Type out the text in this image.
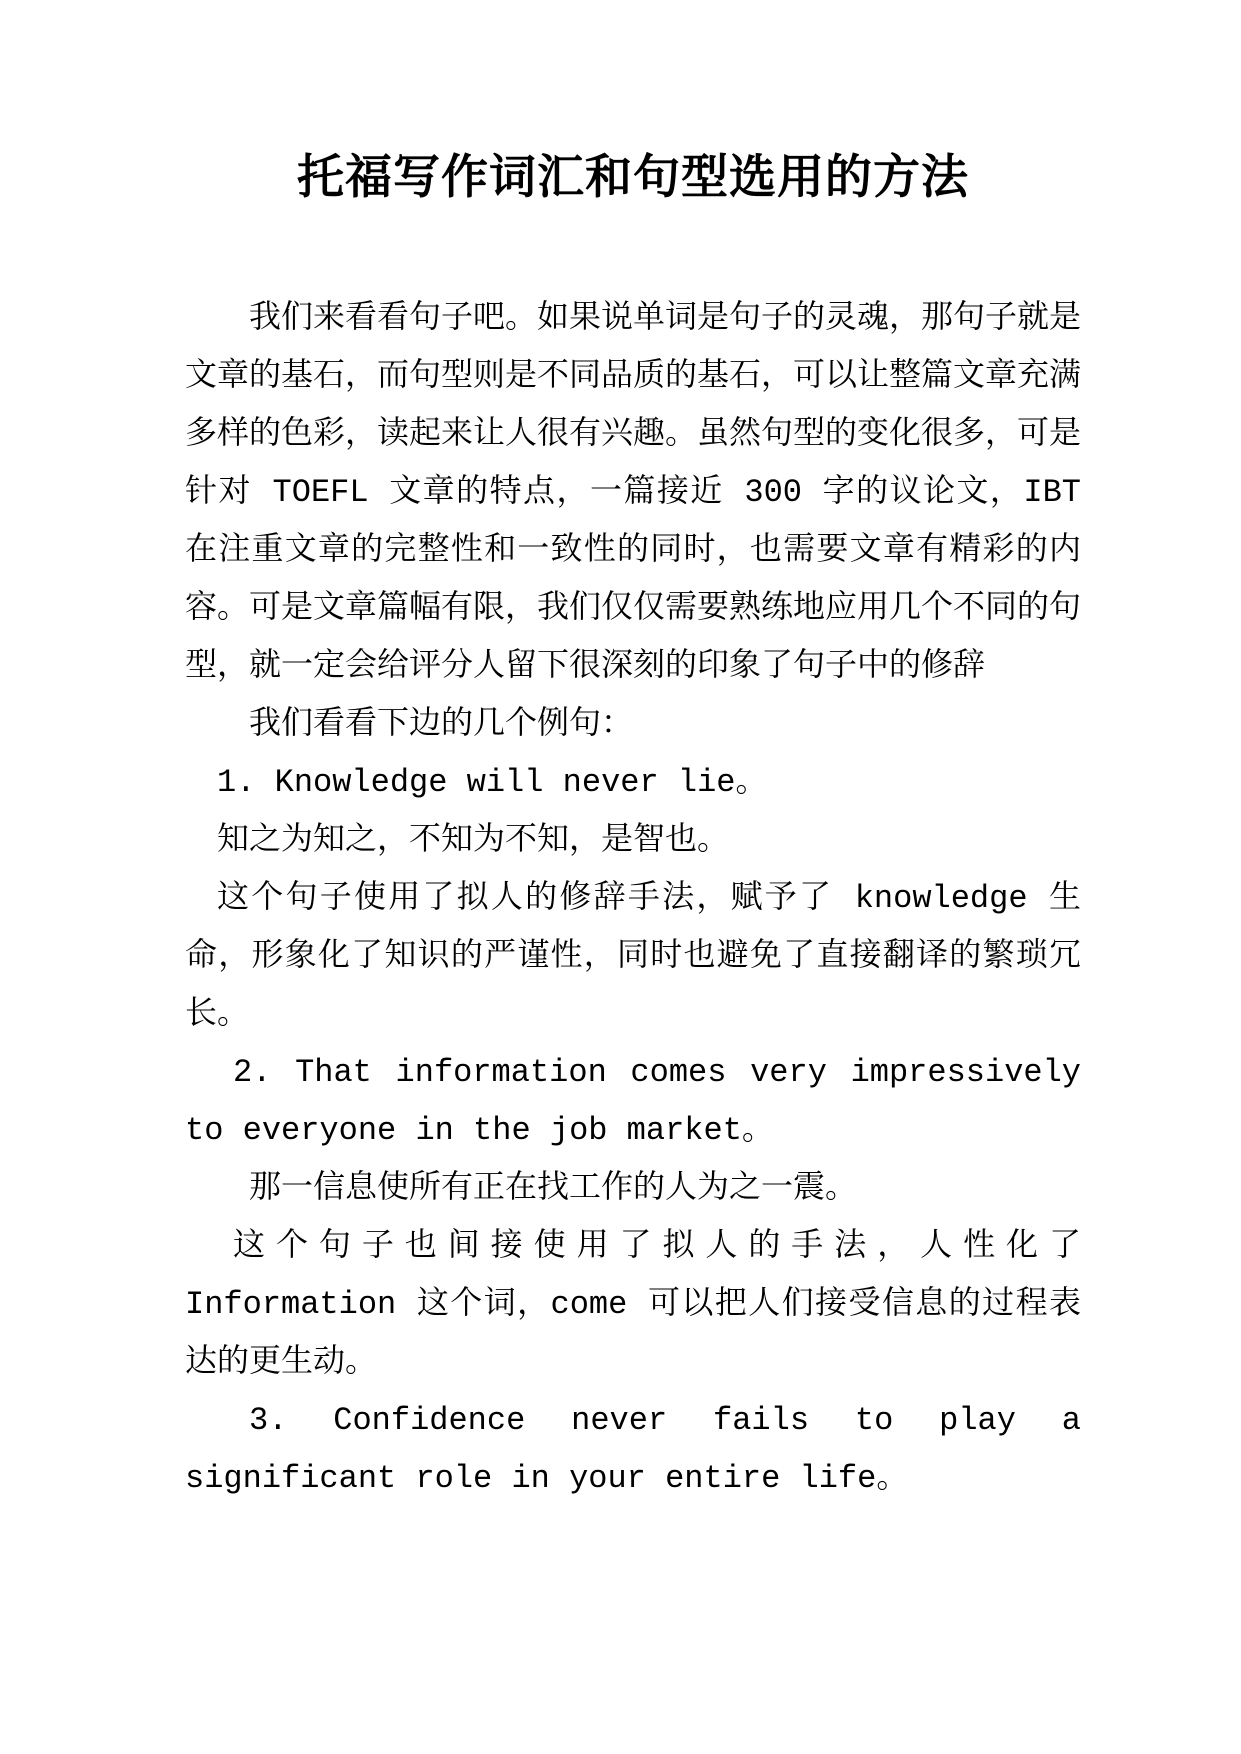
托福写作词汇和句型选用的方法

我们来看看句子吧。如果说单词是句子的灵魂，那句子就是文章的基石，而句型则是不同品质的基石，可以让整篇文章充满多样的色彩，读起来让人很有兴趣。虽然句型的变化很多，可是针对 TOEFL 文章的特点，一篇接近 300 字的议论文，IBT 在注重文章的完整性和一致性的同时，也需要文章有精彩的内容。可是文章篇幅有限，我们仅仅需要熟练地应用几个不同的句型，就一定会给评分人留下很深刻的印象了句子中的修辞

我们看看下边的几个例句：

1. Knowledge will never lie。

知之为知之，不知为不知，是智也。

这个句子使用了拟人的修辞手法，赋予了 knowledge 生命，形象化了知识的严谨性，同时也避免了直接翻译的繁琐冗长。

2. That information comes very impressively to everyone in the job market。

那一信息使所有正在找工作的人为之一震。

这个句子也间接使用了拟人的手法，人性化了 Information 这个词，come 可以把人们接受信息的过程表达的更生动。

3. Confidence never fails to play a significant role in your entire life。
